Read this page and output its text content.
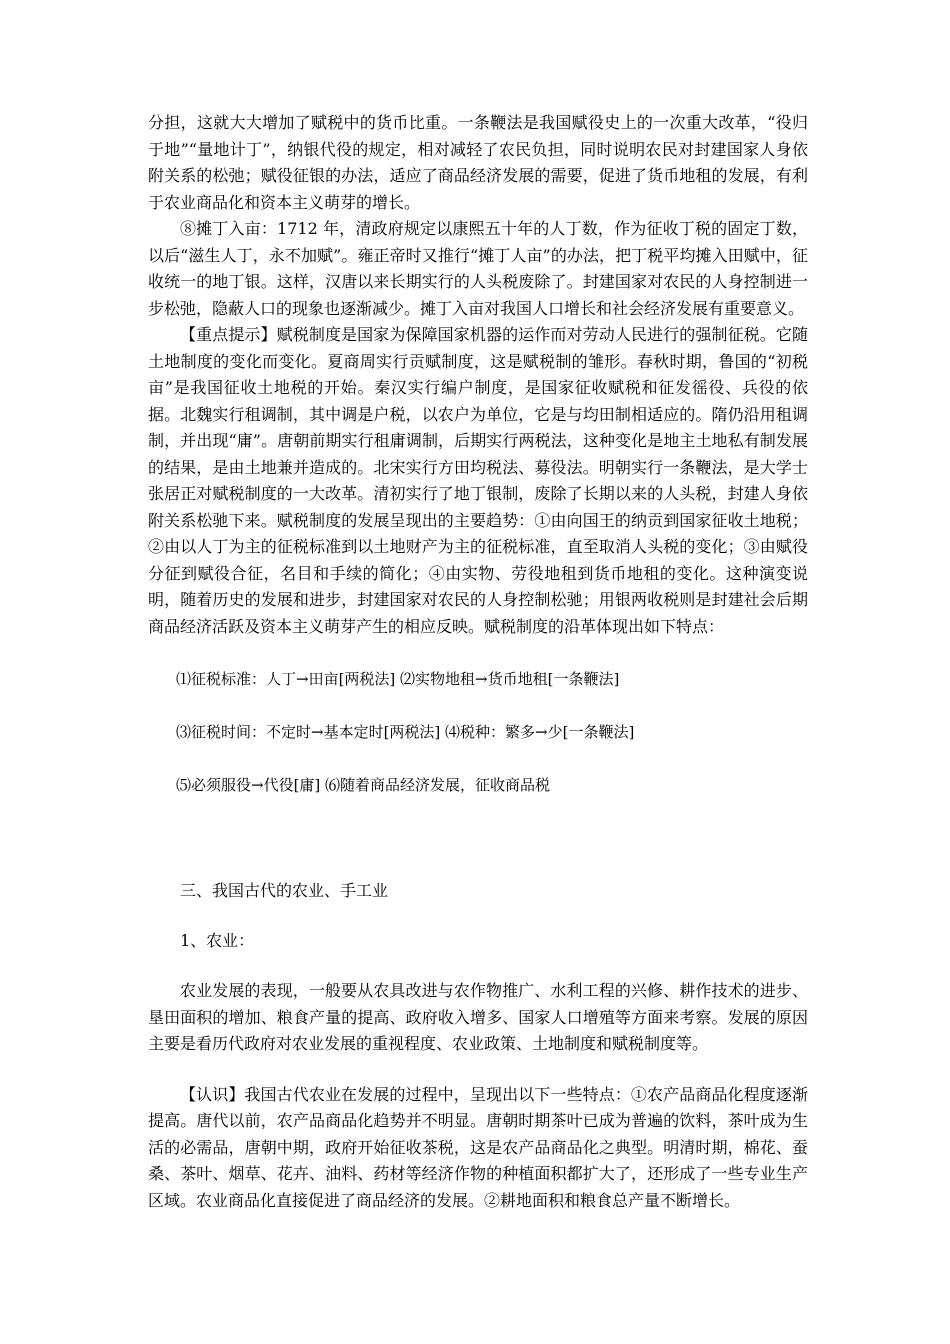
分担，这就大大增加了赋税中的货币比重。一条鞭法是我国赋役史上的一次重大改革，“役归于地”“量地计丁”，纳银代役的规定，相对减轻了农民负担，同时说明农民对封建国家人身依附关系的松弛；赋役征银的办法，适应了商品经济发展的需要，促进了货币地租的发展，有利于农业商品化和资本主义萌芽的增长。

⑧摊丁入亩：1712 年，清政府规定以康熙五十年的人丁数，作为征收丁税的固定丁数，以后“滋生人丁，永不加赋”。雍正帝时又推行“摊丁人亩”的办法，把丁税平均摊入田赋中，征收统一的地丁银。这样，汉唐以来长期实行的人头税废除了。封建国家对农民的人身控制进一步松弛，隐蔽人口的现象也逐渐减少。摊丁入亩对我国人口增长和社会经济发展有重要意义。

【重点提示】赋税制度是国家为保障国家机器的运作而对劳动人民进行的强制征税。它随土地制度的变化而变化。夏商周实行贡赋制度，这是赋税制的雏形。春秋时期，鲁国的“初税亩”是我国征收土地税的开始。秦汉实行编户制度，是国家征收赋税和征发徭役、兵役的依据。北魏实行租调制，其中调是户税，以农户为单位，它是与均田制相适应的。隋仍沿用租调制，并出现“庸”。唐朝前期实行租庸调制，后期实行两税法，这种变化是地主土地私有制发展的结果，是由土地兼并造成的。北宋实行方田均税法、募役法。明朝实行一条鞭法，是大学士张居正对赋税制度的一大改革。清初实行了地丁银制，废除了长期以来的人头税，封建人身依附关系松驰下来。赋税制度的发展呈现出的主要趋势：①由向国王的纳贡到国家征收土地税；②由以人丁为主的征税标准到以土地财产为主的征税标准，直至取消人头税的变化；③由赋役分征到赋役合征，名目和手续的简化；④由实物、劳役地租到货币地租的变化。这种演变说明，随着历史的发展和进步，封建国家对农民的人身控制松驰；用银两收税则是封建社会后期商品经济活跃及资本主义萌芽产生的相应反映。赋税制度的沿革体现出如下特点：

⑴征税标准：人丁→田亩[两税法] ⑵实物地租→货币地租[一条鞭法]

⑶征税时间：不定时→基本定时[两税法] ⑷税种：繁多→少[一条鞭法]

⑸必须服役→代役[庸] ⑹随着商品经济发展，征收商品税

三、我国古代的农业、手工业

1、农业：

农业发展的表现，一般要从农具改进与农作物推广、水利工程的兴修、耕作技术的进步、垦田面积的增加、粮食产量的提高、政府收入增多、国家人口增殖等方面来考察。发展的原因主要是看历代政府对农业发展的重视程度、农业政策、土地制度和赋税制度等。

【认识】我国古代农业在发展的过程中，呈现出以下一些特点：①农产品商品化程度逐渐提高。唐代以前，农产品商品化趋势并不明显。唐朝时期茶叶已成为普遍的饮料，茶叶成为生活的必需品，唐朝中期，政府开始征收茶税，这是农产品商品化之典型。明清时期，棉花、蚕桑、茶叶、烟草、花卉、油料、药材等经济作物的种植面积都扩大了，还形成了一些专业生产区域。农业商品化直接促进了商品经济的发展。②耕地面积和粮食总产量不断增长。
